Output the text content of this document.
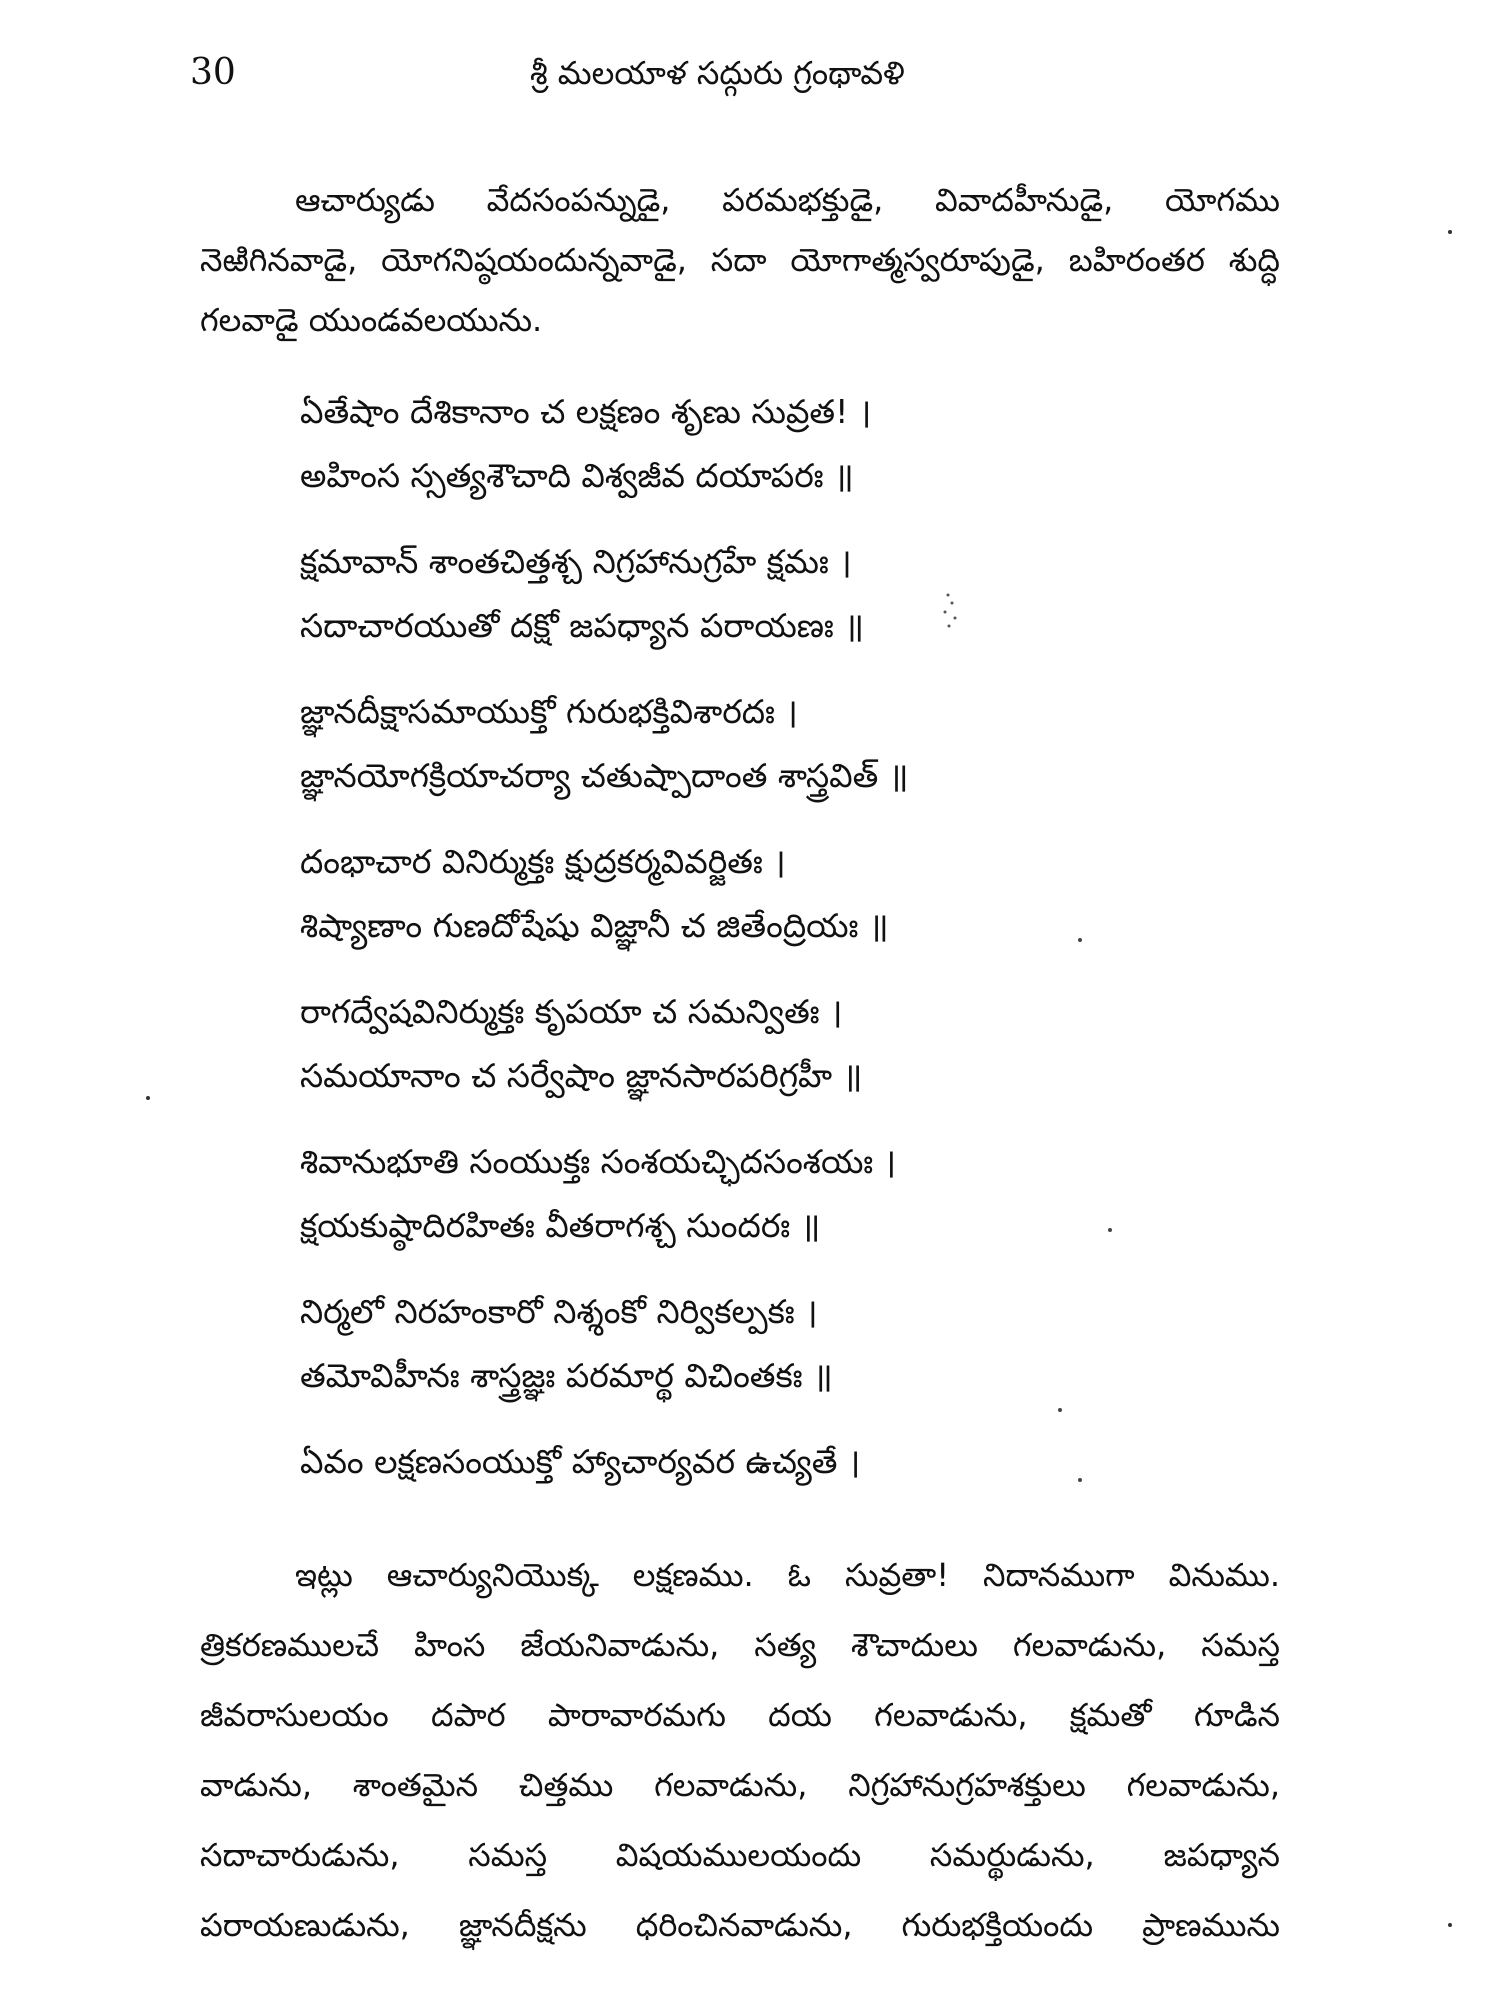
30	శ్రీ మలయాళ సద్గురు గ్రంథావళి
ఆచార్యుడు వేదసంపన్నుడై, పరమభక్తుడై, వివాదహీనుడై, యోగము నెఱిగినవాడై, యోగనిష్ఠయందున్నవాడై, సదా యోగాత్మస్వరూపుడై, బహిరంతర శుద్ధి గలవాడై యుండవలయును.
ఏతేషాం దేశికానాం చ లక్షణం శృణు సువ్రత! ।
అహింస స్సత్యశౌచాది విశ్వజీవ దయాపరః ॥
క్షమావాన్ శాంతచిత్తశ్చ నిగ్రహానుగ్రహే క్షమః ।
సదాచారయుతో దక్షో జపధ్యాన పరాయణః ॥
జ్ఞానదీక్షాసమాయుక్తో గురుభక్తివిశారదః ।
జ్ఞానయోగక్రియాచర్యా చతుష్పాదాంత శాస్త్రవిత్ ॥
దంభాచార వినిర్ముక్తః క్షుద్రకర్మవివర్జితః ।
శిష్యాణాం గుణదోషేషు విజ్ఞానీ చ జితేంద్రియః ॥
రాగద్వేషవినిర్ముక్తః కృపయా చ సమన్వితః ।
సమయానాం చ సర్వేషాం జ్ఞానసారపరిగ్రహీ ॥
శివానుభూతి సంయుక్తః సంశయచ్ఛిదసంశయః ।
క్షయకుష్ఠాదిరహితః వీతరాగశ్చ సుందరః ॥
నిర్మలో నిరహంకారో నిశ్శంకో నిర్వికల్పకః ।
తమోవిహీనః శాస్త్రజ్ఞః పరమార్థ విచింతకః ॥
ఏవం లక్షణసంయుక్తో హ్యాచార్యవర ఉచ్యతే ।
ఇట్లు ఆచార్యునియొక్క లక్షణము. ఓ సువ్రతా! నిదానముగా వినుము.
త్రికరణములచే హింస జేయనివాడును, సత్య శౌచాదులు గలవాడును, సమస్త
జీవరాసులయం దపార పారావారమగు దయ గలవాడును, క్షమతో గూడిన
వాడును, శాంతమైన చిత్తము గలవాడును, నిగ్రహానుగ్రహశక్తులు గలవాడును,
సదాచారుడును, సమస్త విషయములయందు సమర్థుడును, జపధ్యాన
పరాయణుడును, జ్ఞానదీక్షను ధరించినవాడును, గురుభక్తియందు ప్రాణమును
